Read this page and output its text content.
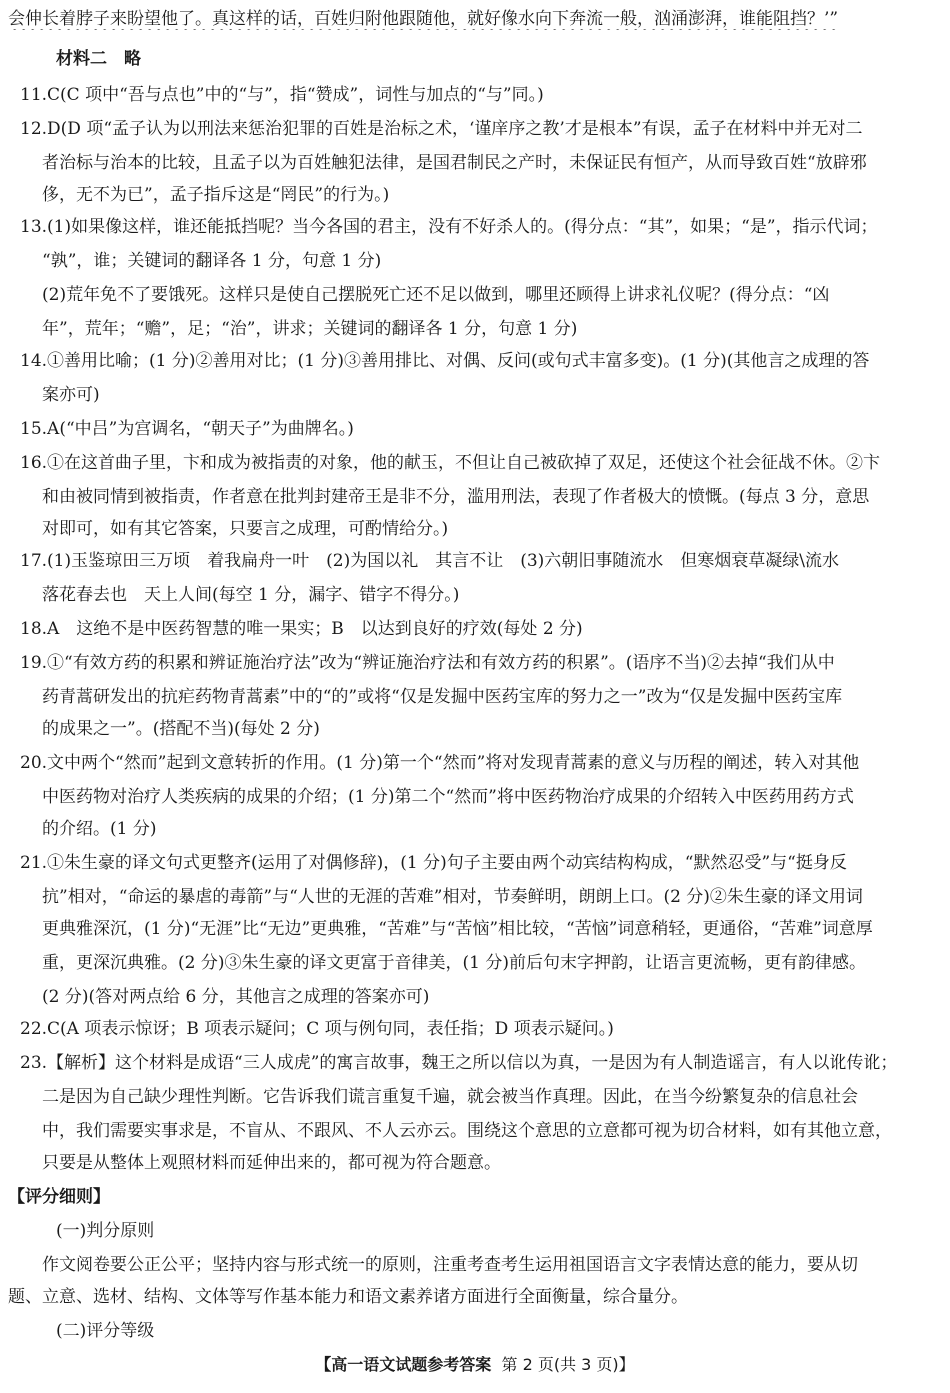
会伸长着脖子来盼望他了。真这样的话，百姓归附他跟随他，就好像水向下奔流一般，汹涌澎湃，谁能阻挡？’”
材料二　略
11.C(C 项中“吾与点也”中的“与”，指“赞成”，词性与加点的“与”同。)
12.D(D 项“孟子认为以刑法来惩治犯罪的百姓是治标之术，‘谨庠序之教’才是根本”有误，孟子在材料中并无对二
者治标与治本的比较，且孟子以为百姓触犯法律，是国君制民之产时，未保证民有恒产，从而导致百姓“放辟邪
侈，无不为已”，孟子指斥这是“罔民”的行为。)
13.(1)如果像这样，谁还能抵挡呢？当今各国的君主，没有不好杀人的。(得分点：“其”，如果；“是”，指示代词；
“孰”，谁；关键词的翻译各 1 分，句意 1 分)
(2)荒年免不了要饿死。这样只是使自己摆脱死亡还不足以做到，哪里还顾得上讲求礼仪呢？(得分点：“凶
年”，荒年；“赡”，足；“治”，讲求；关键词的翻译各 1 分，句意 1 分)
14.①善用比喻；(1 分)②善用对比；(1 分)③善用排比、对偶、反问(或句式丰富多变)。(1 分)(其他言之成理的答
案亦可)
15.A(“中吕”为宫调名，“朝天子”为曲牌名。)
16.①在这首曲子里，卞和成为被指责的对象，他的献玉，不但让自己被砍掉了双足，还使这个社会征战不休。②卞
和由被同情到被指责，作者意在批判封建帝王是非不分，滥用刑法，表现了作者极大的愤慨。(每点 3 分，意思
对即可，如有其它答案，只要言之成理，可酌情给分。)
17.(1)玉鉴琼田三万顷　着我扁舟一叶　(2)为国以礼　其言不让　(3)六朝旧事随流水　但寒烟衰草凝绿\流水
落花春去也　天上人间(每空 1 分，漏字、错字不得分。)
18.A　这绝不是中医药智慧的唯一果实；B　以达到良好的疗效(每处 2 分)
19.①“有效方药的积累和辨证施治疗法”改为“辨证施治疗法和有效方药的积累”。(语序不当)②去掉“我们从中
药青蒿研发出的抗疟药物青蒿素”中的“的”或将“仅是发掘中医药宝库的努力之一”改为“仅是发掘中医药宝库
的成果之一”。(搭配不当)(每处 2 分)
20.文中两个“然而”起到文意转折的作用。(1 分)第一个“然而”将对发现青蒿素的意义与历程的阐述，转入对其他
中医药物对治疗人类疾病的成果的介绍；(1 分)第二个“然而”将中医药物治疗成果的介绍转入中医药用药方式
的介绍。(1 分)
21.①朱生豪的译文句式更整齐(运用了对偶修辞)，(1 分)句子主要由两个动宾结构构成，“默然忍受”与“挺身反
抗”相对，“命运的暴虐的毒箭”与“人世的无涯的苦难”相对，节奏鲜明，朗朗上口。(2 分)②朱生豪的译文用词
更典雅深沉，(1 分)“无涯”比“无边”更典雅，“苦难”与“苦恼”相比较，“苦恼”词意稍轻，更通俗，“苦难”词意厚
重，更深沉典雅。(2 分)③朱生豪的译文更富于音律美，(1 分)前后句末字押韵，让语言更流畅，更有韵律感。
(2 分)(答对两点给 6 分，其他言之成理的答案亦可)
22.C(A 项表示惊讶；B 项表示疑问；C 项与例句同，表任指；D 项表示疑问。)
23.【解析】这个材料是成语“三人成虎”的寓言故事，魏王之所以信以为真，一是因为有人制造谣言，有人以讹传讹；
二是因为自己缺少理性判断。它告诉我们谎言重复千遍，就会被当作真理。因此，在当今纷繁复杂的信息社会
中，我们需要实事求是，不盲从、不跟风、不人云亦云。围绕这个意思的立意都可视为切合材料，如有其他立意，
只要是从整体上观照材料而延伸出来的，都可视为符合题意。
【评分细则】
(一)判分原则
作文阅卷要公正公平；坚持内容与形式统一的原则，注重考查考生运用祖国语言文字表情达意的能力，要从切
题、立意、选材、结构、文体等写作基本能力和语文素养诸方面进行全面衡量，综合量分。
(二)评分等级
【高一语文试题参考答案 第 2 页(共 3 页)】
